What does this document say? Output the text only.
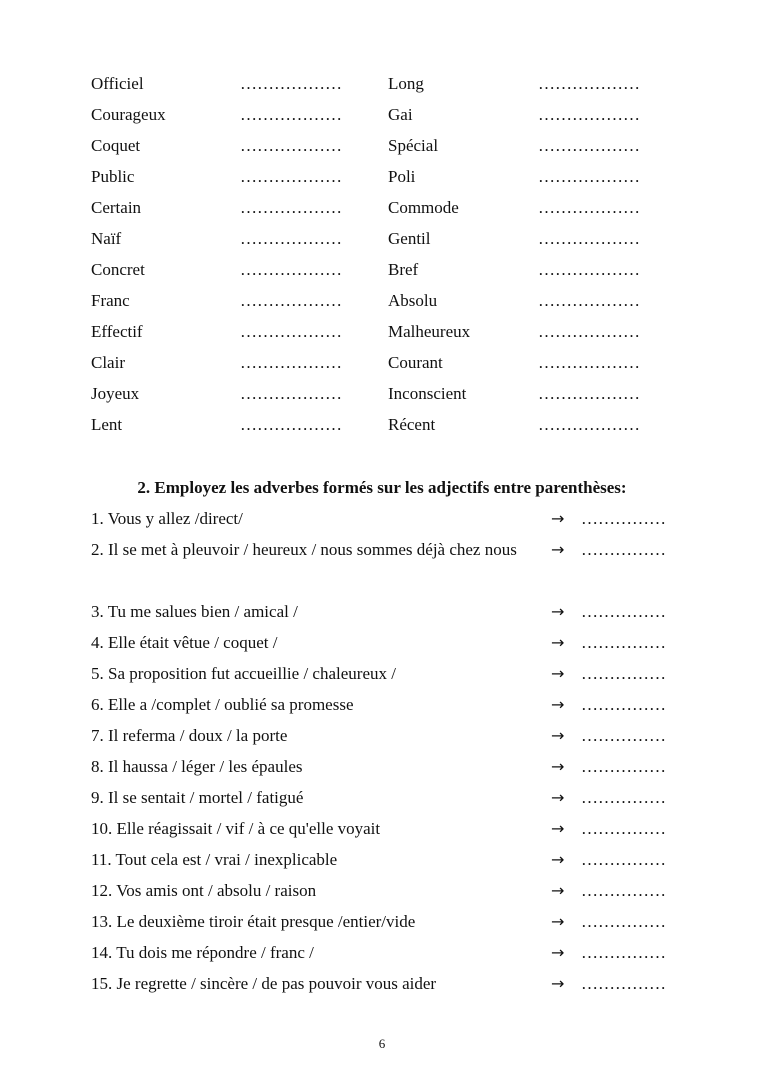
Officiel	………………	Long	………………
Courageux	………………	Gai	………………
Coquet	………………	Spécial	………………
Public	………………	Poli	………………
Certain	………………	Commode	………………
Naïf	………………	Gentil	………………
Concret	………………	Bref	………………
Franc	………………	Absolu	………………
Effectif	………………	Malheureux	………………
Clair	………………	Courant	………………
Joyeux	………………	Inconscient	………………
Lent	………………	Récent	………………
2. Employez les adverbes formés sur les adjectifs entre parenthèses:
1. Vous y allez /direct/	→ ……………
2. Il se met à pleuvoir / heureux / nous sommes déjà chez nous	→ ……………
3. Tu me salues bien / amical /	→ ……………
4. Elle était vêtue / coquet /	→ ……………
5. Sa proposition fut accueillie / chaleureux /	→ ……………
6. Elle a /complet / oublié sa promesse	→ ……………
7. Il referma / doux / la porte	→ ……………
8. Il haussa / léger / les épaules	→ ……………
9. Il se sentait / mortel / fatigué	→ ……………
10. Elle réagissait / vif / à ce qu'elle voyait	→ ……………
11. Tout cela est / vrai / inexplicable	→ ……………
12. Vos amis ont / absolu / raison	→ ……………
13. Le deuxième tiroir était presque /entier/vide	→ ……………
14. Tu dois me répondre / franc /	→ ……………
15. Je regrette / sincère / de pas pouvoir vous aider	→ ……………
6
